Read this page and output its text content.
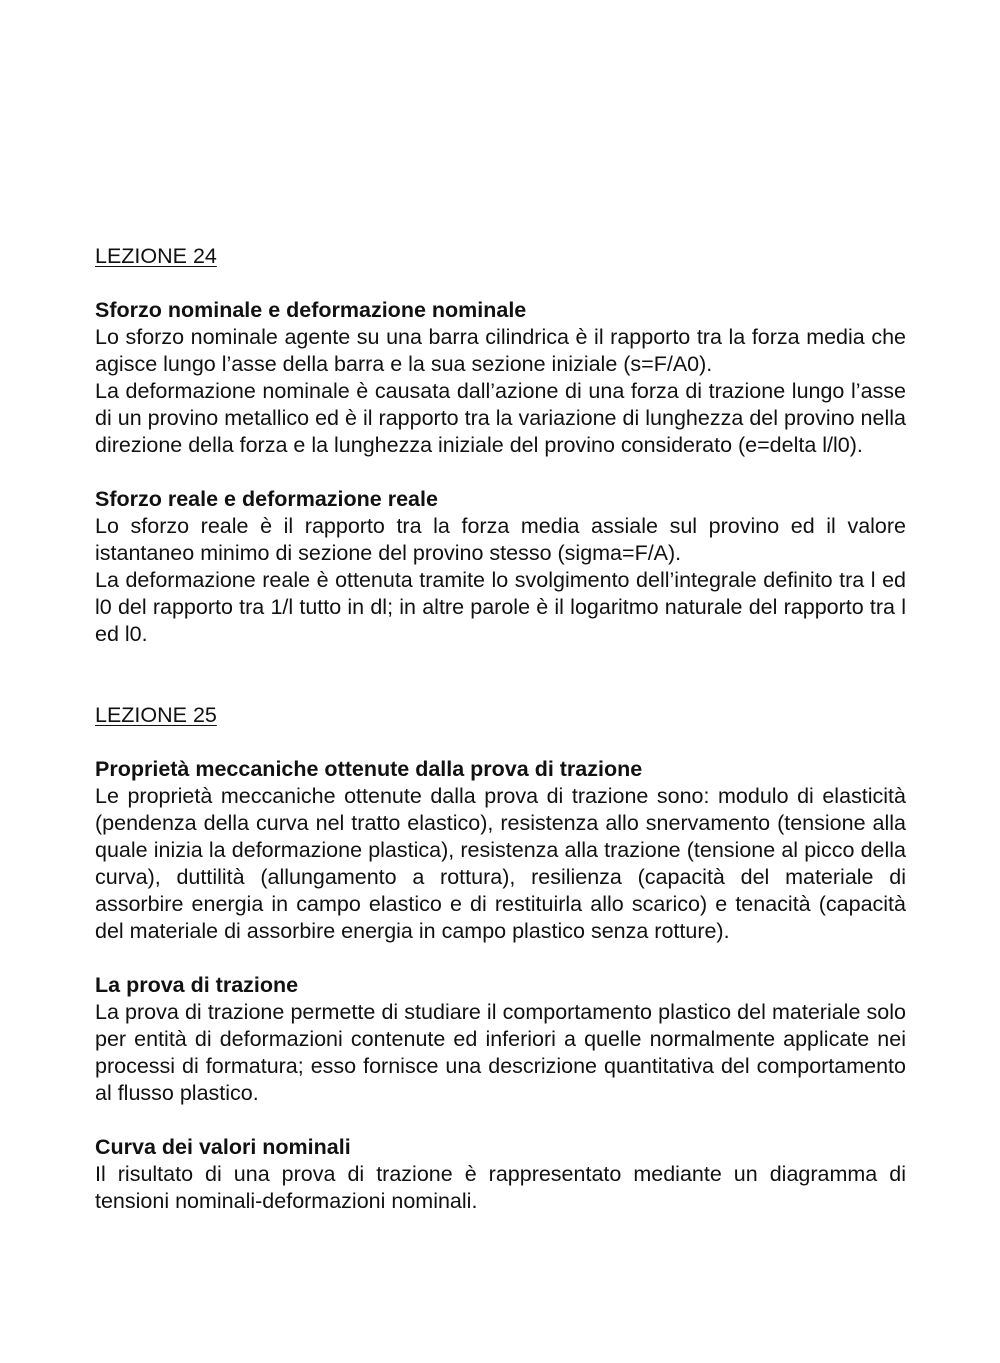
LEZIONE 24

Sforzo nominale e deformazione nominale

Lo sforzo nominale agente su una barra cilindrica è il rapporto tra la forza media che agisce lungo l’asse della barra e la sua sezione iniziale (s=F/A0).

La deformazione nominale è causata dall’azione di una forza di trazione lungo l’asse di un provino metallico ed è il rapporto tra la variazione di lunghezza del provino nella direzione della forza e la lunghezza iniziale del provino considerato (e=delta l/l0).

Sforzo reale e deformazione reale

Lo sforzo reale è il rapporto tra la forza media assiale sul provino ed il valore istantaneo minimo di sezione del provino stesso (sigma=F/A).

La deformazione reale è ottenuta tramite lo svolgimento dell’integrale definito tra l ed l0 del rapporto tra 1/l tutto in dl; in altre parole è il logaritmo naturale del rapporto tra l ed l0.

LEZIONE 25

Proprietà meccaniche ottenute dalla prova di trazione

Le proprietà meccaniche ottenute dalla prova di trazione sono: modulo di elasticità (pendenza della curva nel tratto elastico), resistenza allo snervamento (tensione alla quale inizia la deformazione plastica), resistenza alla trazione (tensione al picco della curva), duttilità (allungamento a rottura), resilienza (capacità del materiale di assorbire energia in campo elastico e di restituirla allo scarico) e tenacità (capacità del materiale di assorbire energia in campo plastico senza rotture).

La prova di trazione

La prova di trazione permette di studiare il comportamento plastico del materiale solo per entità di deformazioni contenute ed inferiori a quelle normalmente applicate nei processi di formatura; esso fornisce una descrizione quantitativa del comportamento al flusso plastico.

Curva dei valori nominali

Il risultato di una prova di trazione è rappresentato mediante un diagramma di tensioni nominali-deformazioni nominali.
